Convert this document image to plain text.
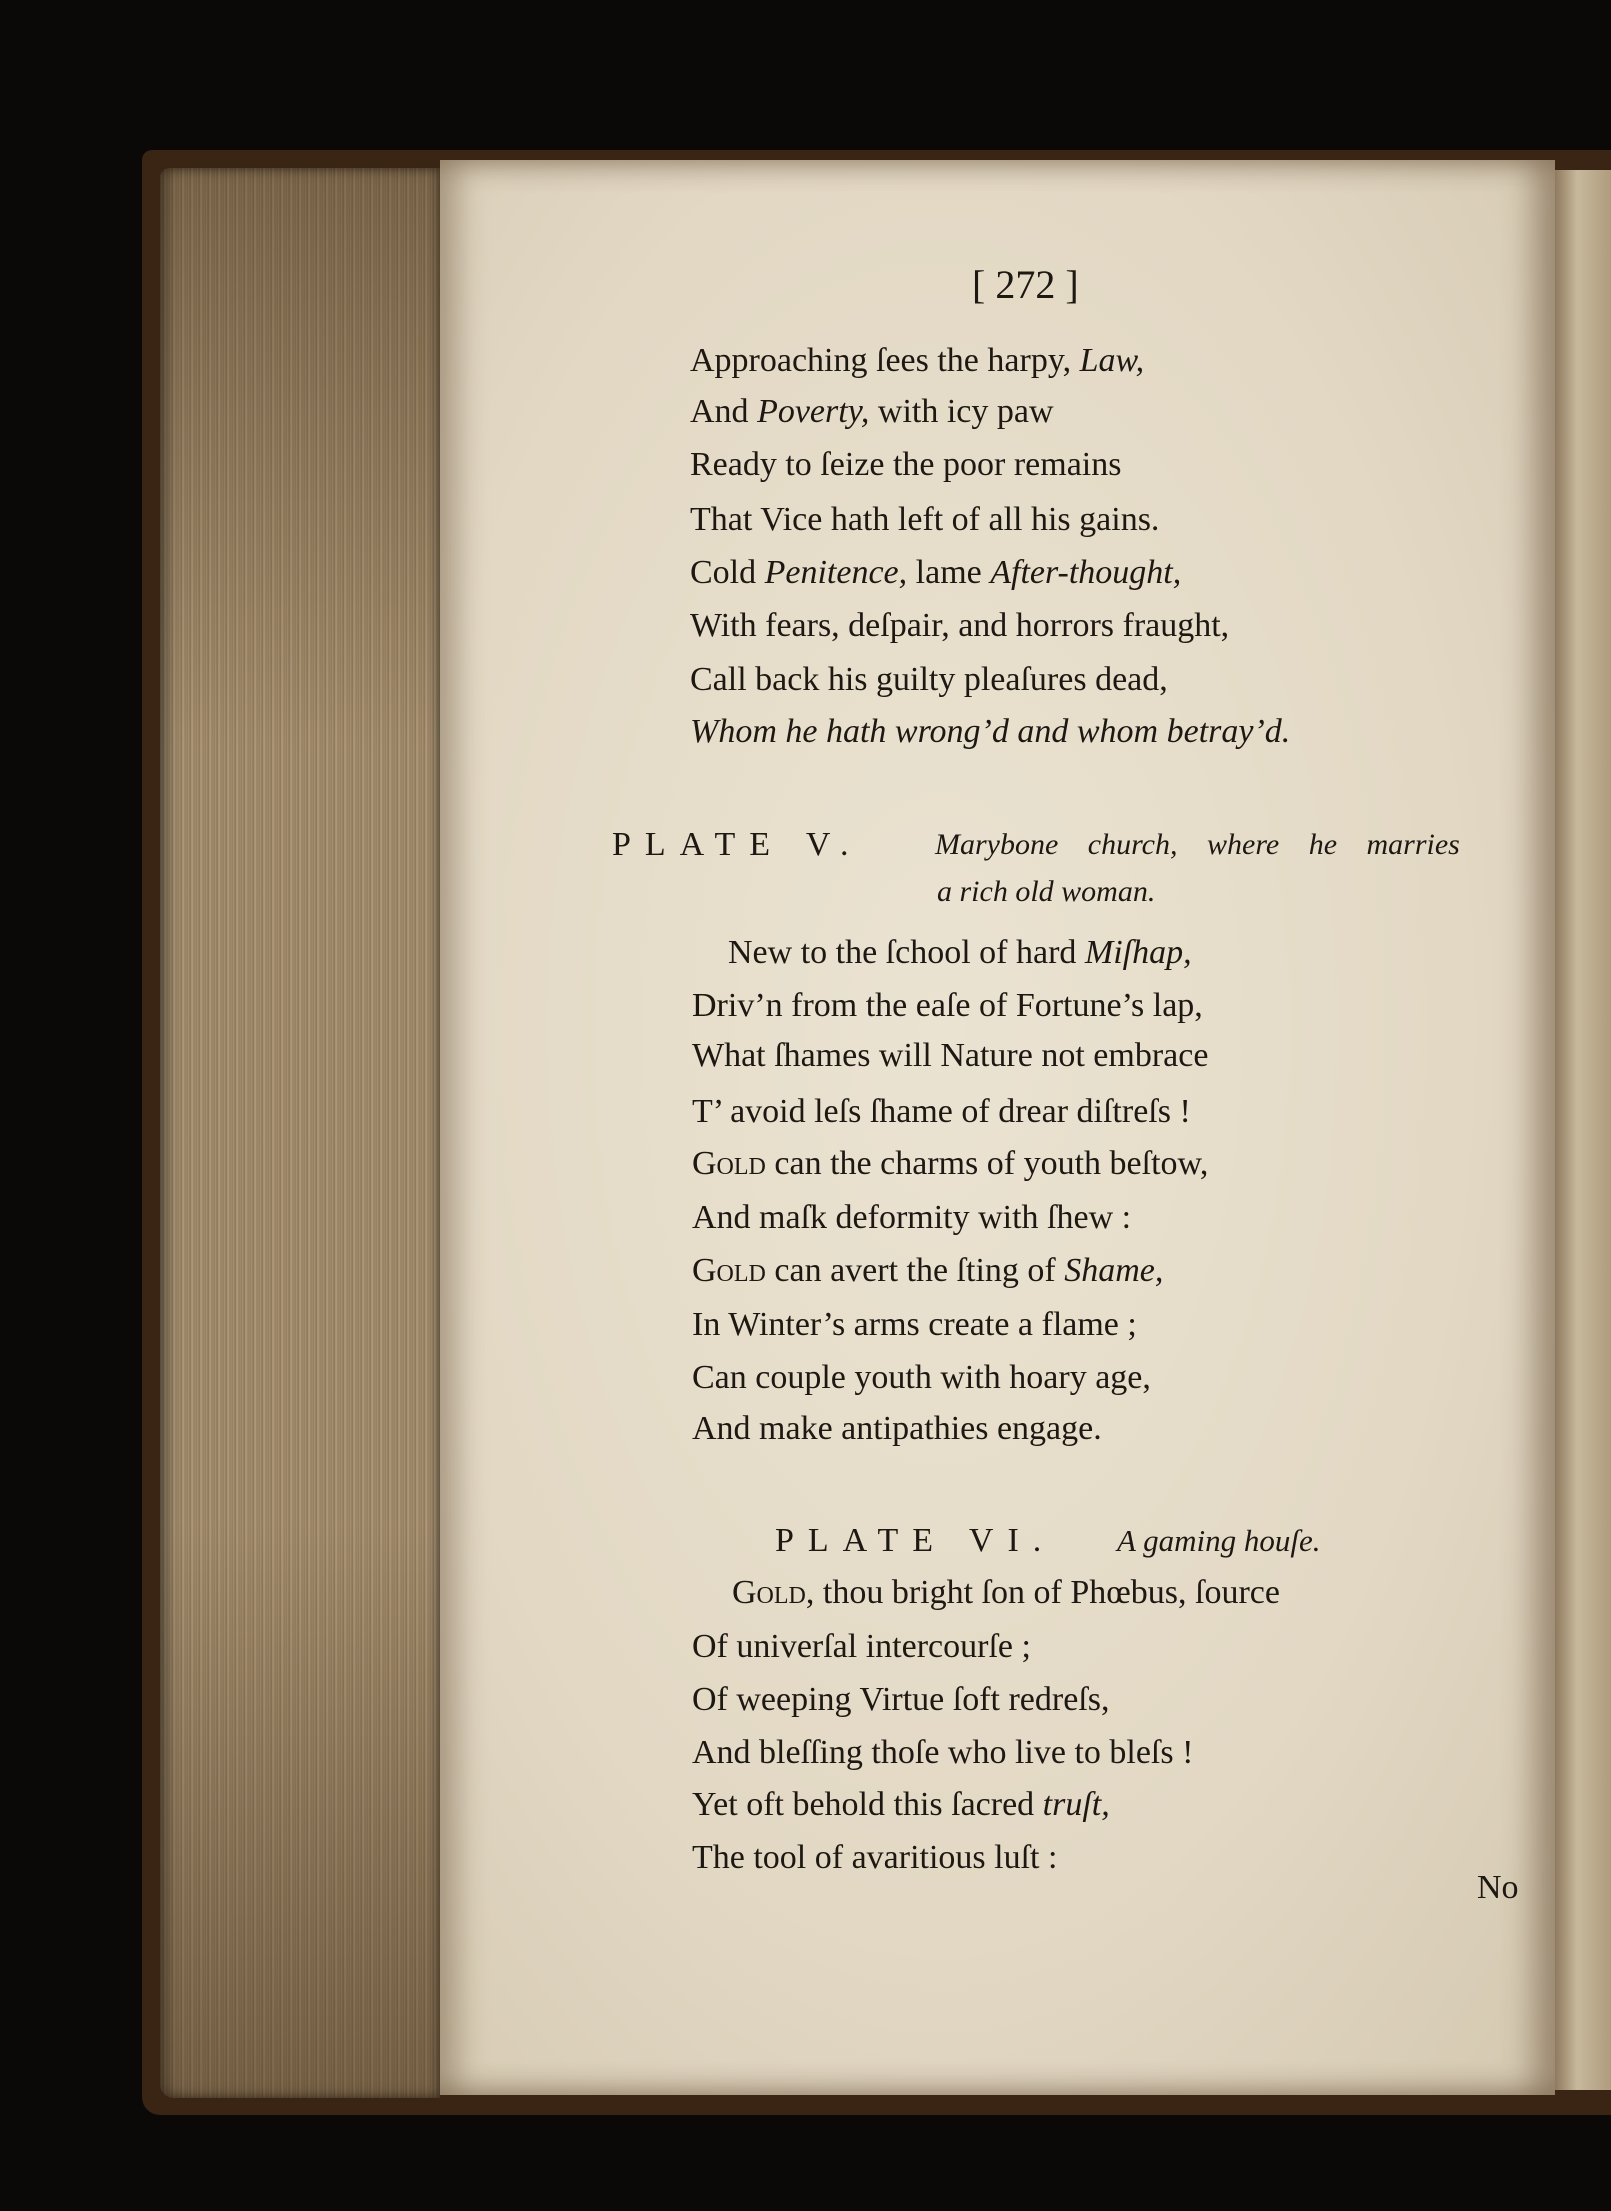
[ 272 ]
Approaching ſees the harpy, Law,
And Poverty, with icy paw
Ready to ſeize the poor remains
That Vice hath left of all his gains.
Cold Penitence, lame After-thought,
With fears, deſpair, and horrors fraught,
Call back his guilty pleaſures dead,
Whom he hath wrong’d and whom betray’d.
PLATE V. Marybone church, where he marries
a rich old woman.
New to the ſchool of hard Miſhap,
Driv’n from the eaſe of Fortune’s lap,
What ſhames will Nature not embrace
T’ avoid leſs ſhame of drear diſtreſs !
Gold can the charms of youth beſtow,
And maſk deformity with ſhew :
Gold can avert the ſting of Shame,
In Winter’s arms create a flame ;
Can couple youth with hoary age,
And make antipathies engage.
PLATE VI. A gaming houſe.
Gold, thou bright ſon of Phœbus, ſource
Of univerſal intercourſe ;
Of weeping Virtue ſoft redreſs,
And bleſſing thoſe who live to bleſs !
Yet oft behold this ſacred truſt,
The tool of avaritious luſt :
No
